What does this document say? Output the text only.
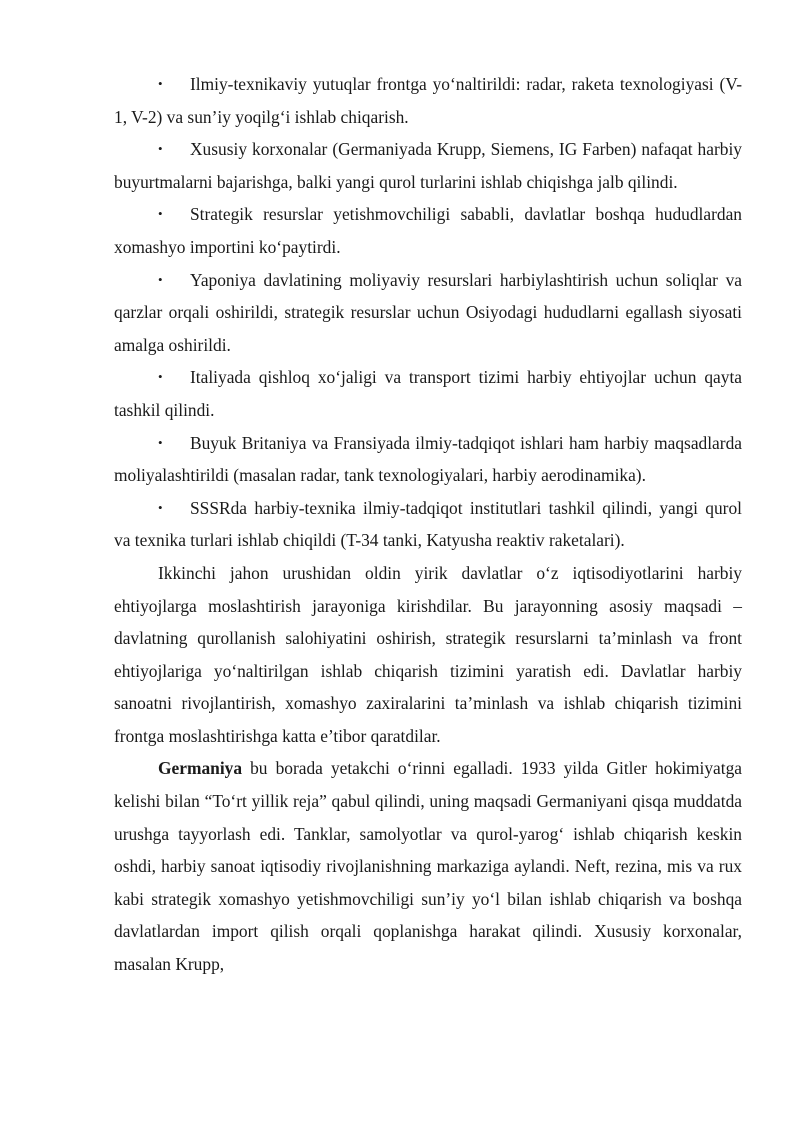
• Ilmiy-texnikaviy yutuqlar frontga yo‘naltirildi: radar, raketa texnologiyasi (V-1, V-2) va sun’iy yoqilg‘i ishlab chiqarish.

• Xususiy korxonalar (Germaniyada Krupp, Siemens, IG Farben) nafaqat harbiy buyurtmalarni bajarishga, balki yangi qurol turlarini ishlab chiqishga jalb qilindi.

• Strategik resurslar yetishmovchiligi sababli, davlatlar boshqa hududlardan xomashyo importini ko‘paytirdi.

• Yaponiya davlatining moliyaviy resurslari harbiylashtirish uchun soliqlar va qarzlar orqali oshirildi, strategik resurslar uchun Osiyodagi hududlarni egallash siyosati amalga oshirildi.

• Italiyada qishloq xo‘jaligi va transport tizimi harbiy ehtiyojlar uchun qayta tashkil qilindi.

• Buyuk Britaniya va Fransiyada ilmiy-tadqiqot ishlari ham harbiy maqsadlarda moliyalashtirildi (masalan radar, tank texnologiyalari, harbiy aerodinamika).

• SSSRda harbiy-texnika ilmiy-tadqiqot institutlari tashkil qilindi, yangi qurol va texnika turlari ishlab chiqildi (T-34 tanki, Katyusha reaktiv raketalari).

Ikkinchi jahon urushidan oldin yirik davlatlar o‘z iqtisodiyotlarini harbiy ehtiyojlarga moslashtirish jarayoniga kirishdilar. Bu jarayonning asosiy maqsadi – davlatning qurollanish salohiyatini oshirish, strategik resurslarni ta’minlash va front ehtiyojlariga yo‘naltirilgan ishlab chiqarish tizimini yaratish edi. Davlatlar harbiy sanoatni rivojlantirish, xomashyo zaxiralarini ta’minlash va ishlab chiqarish tizimini frontga moslashtirishga katta e’tibor qaratdilar.

Germaniya bu borada yetakchi o‘rinni egalladi. 1933 yilda Gitler hokimiyatga kelishi bilan “To‘rt yillik reja” qabul qilindi, uning maqsadi Germaniyani qisqa muddatda urushga tayyorlash edi. Tanklar, samolyotlar va qurol-yarog‘ ishlab chiqarish keskin oshdi, harbiy sanoat iqtisodiy rivojlanishning markaziga aylandi. Neft, rezina, mis va rux kabi strategik xomashyo yetishmovchiligi sun’iy yo‘l bilan ishlab chiqarish va boshqa davlatlardan import qilish orqali qoplanishga harakat qilindi. Xususiy korxonalar, masalan Krupp,
